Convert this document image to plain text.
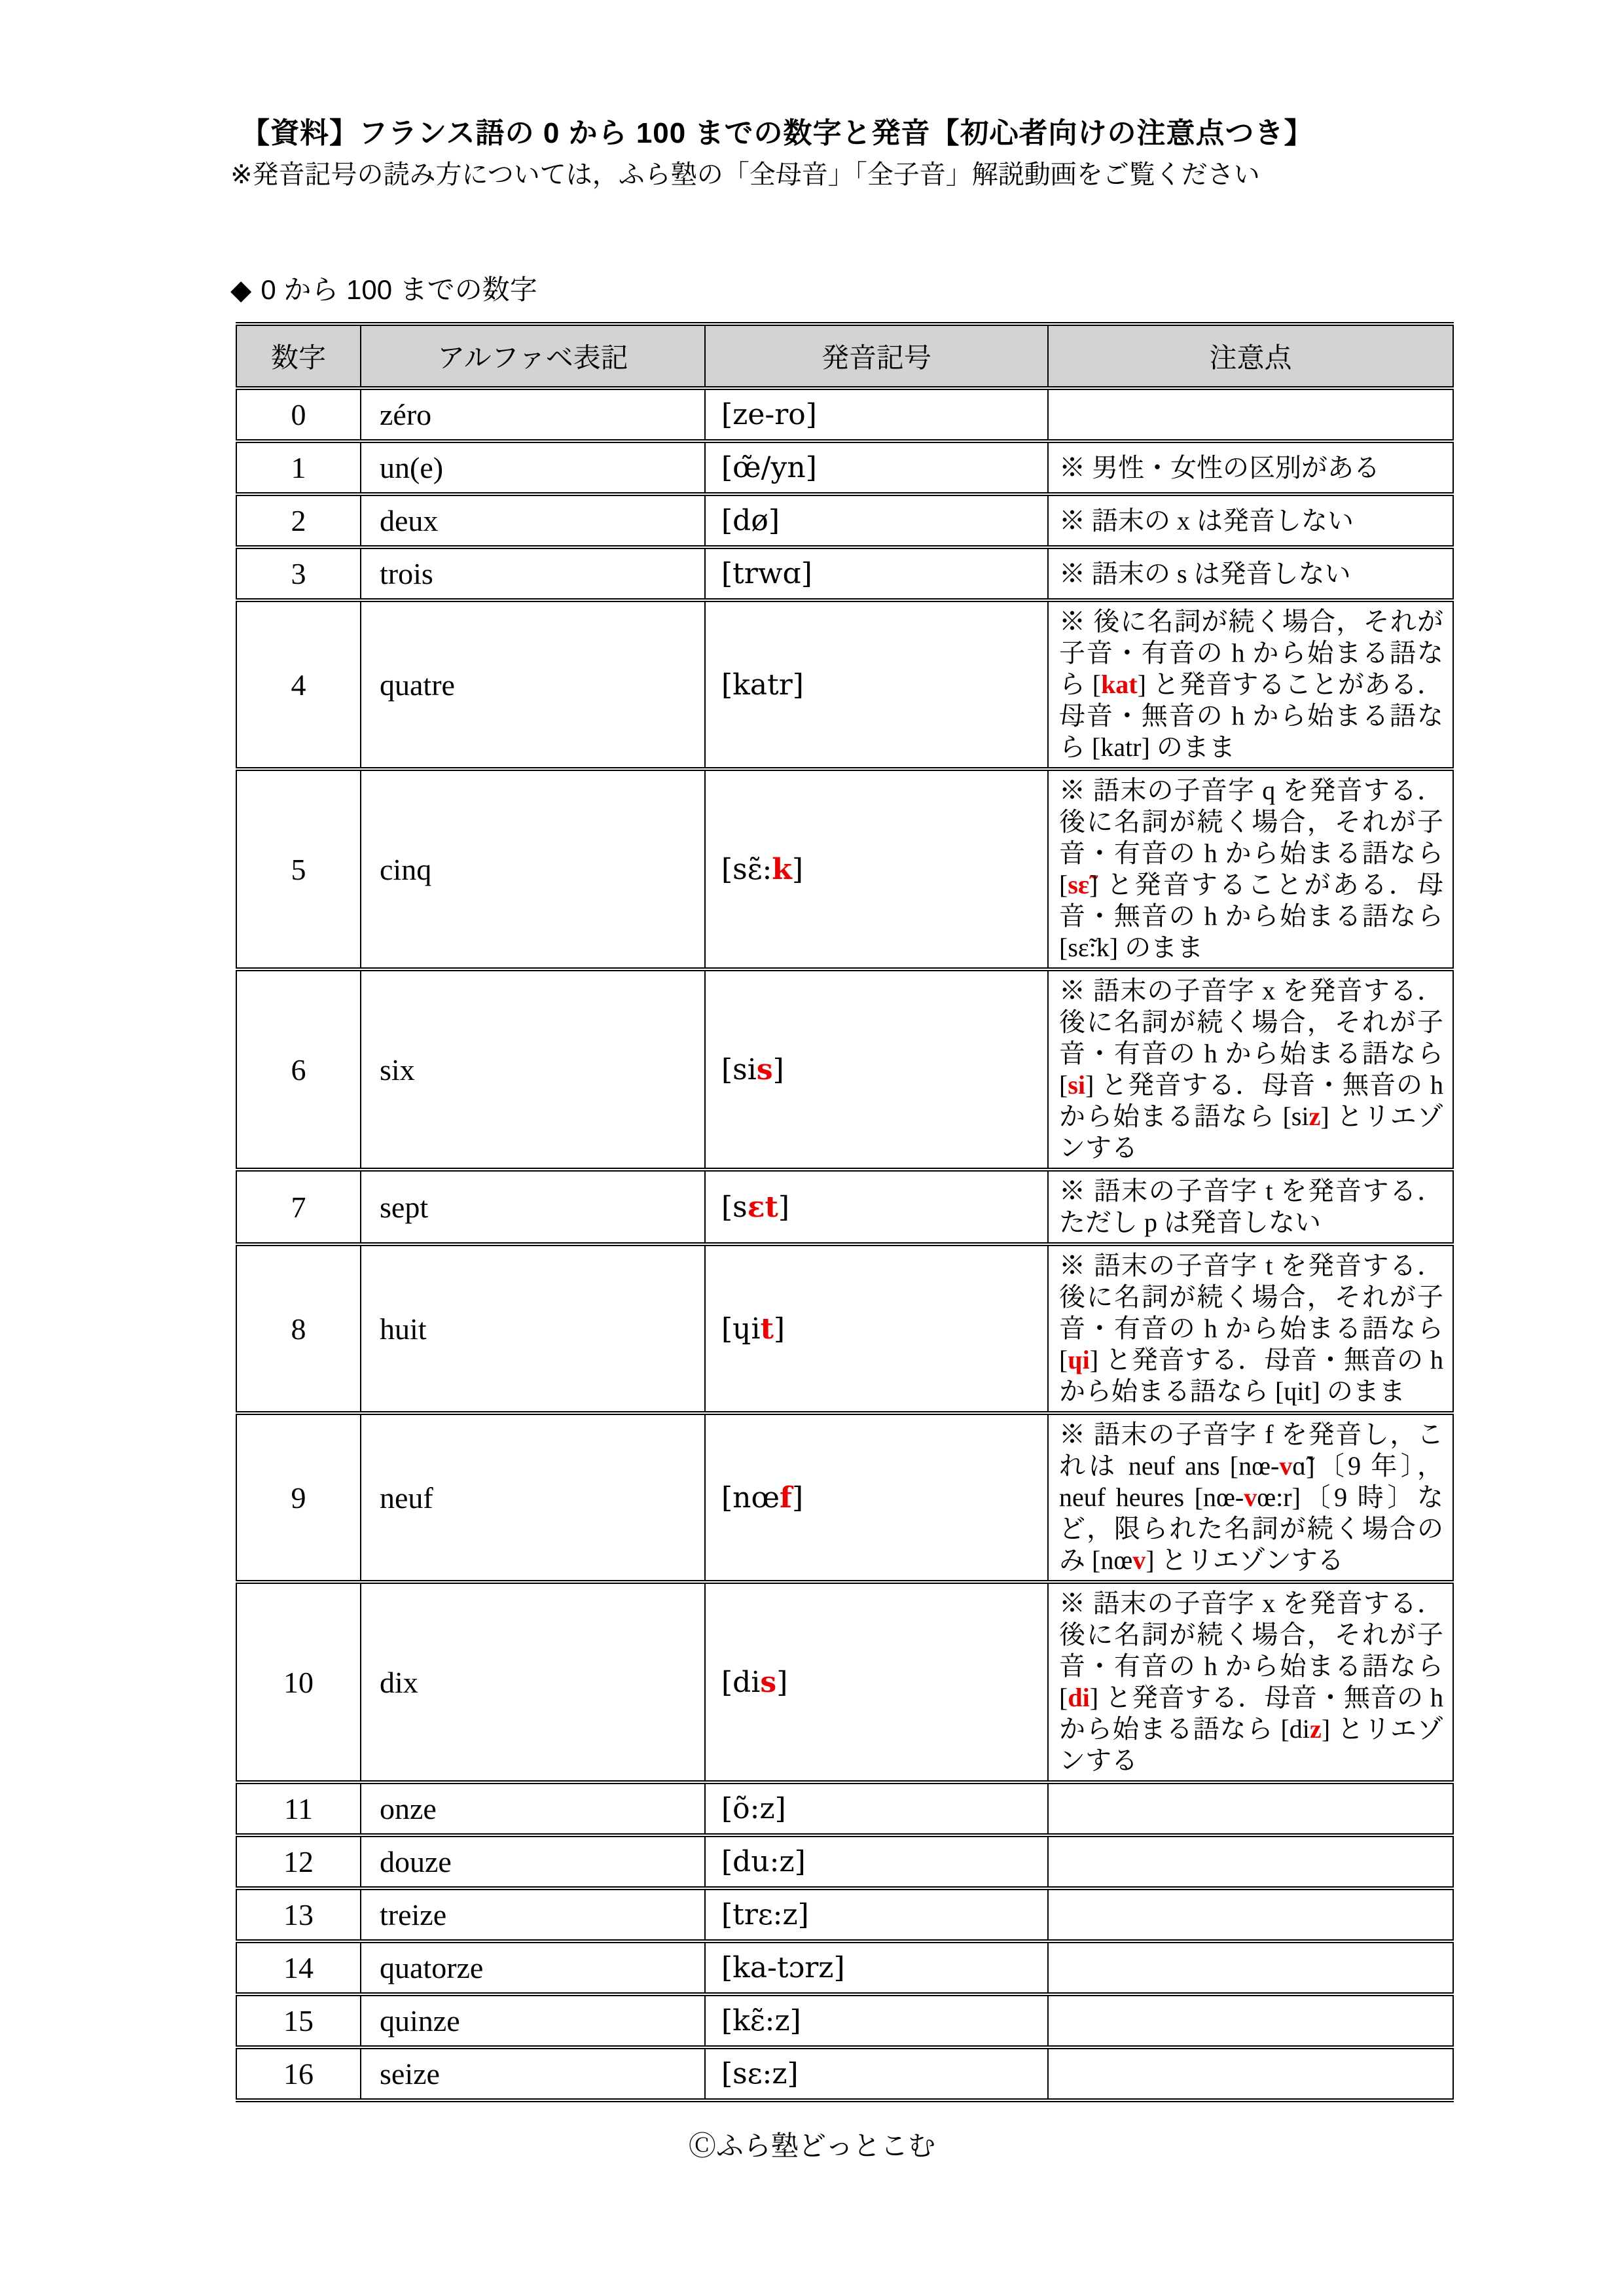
【資料】フランス語の 0 から 100 までの数字と発音【初心者向けの注意点つき】
※発音記号の読み方については，ふら塾の「全母音」「全子音」解説動画をご覧ください
◆ 0 から 100 までの数字
数字	アルファベ表記	発音記号	注意点
0	zéro	[ze-ro]	
1	un(e)	[œ̃/yn]	※ 男性・女性の区別がある
2	deux	[dø]	※ 語末の x は発音しない
3	trois	[trwɑ]	※ 語末の s は発音しない
4	quatre	[katr]	※ 後に名詞が続く場合，それが子音・有音の h から始まる語なら [kat] と発音することがある．母音・無音の h から始まる語なら [katr] のまま
5	cinq	[sɛ̃:k]	※ 語末の子音字 q を発音する．後に名詞が続く場合，それが子音・有音の h から始まる語なら [sɛ̃] と発音することがある．母音・無音の h から始まる語なら [sɛ̃:k] のまま
6	six	[sis]	※ 語末の子音字 x を発音する．後に名詞が続く場合，それが子音・有音の h から始まる語なら [si] と発音する．母音・無音の h から始まる語なら [siz] とリエゾンする
7	sept	[sɛt]	※ 語末の子音字 t を発音する．ただし p は発音しない
8	huit	[ɥit]	※ 語末の子音字 t を発音する．後に名詞が続く場合，それが子音・有音の h から始まる語なら [ɥi] と発音する．母音・無音の h から始まる語なら [ɥit] のまま
9	neuf	[nœf]	※ 語末の子音字 f を発音し，これは neuf ans [nœ-vɑ̃]〔9 年〕，neuf heures [nœ-vœ:r]〔9 時〕など，限られた名詞が続く場合のみ [nœv] とリエゾンする
10	dix	[dis]	※ 語末の子音字 x を発音する．後に名詞が続く場合，それが子音・有音の h から始まる語なら [di] と発音する．母音・無音の h から始まる語なら [diz] とリエゾンする
11	onze	[õ:z]	
12	douze	[du:z]	
13	treize	[trɛ:z]	
14	quatorze	[ka-tɔrz]	
15	quinze	[kɛ̃:z]	
16	seize	[sɛ:z]	
Ⓒふら塾どっとこむ
